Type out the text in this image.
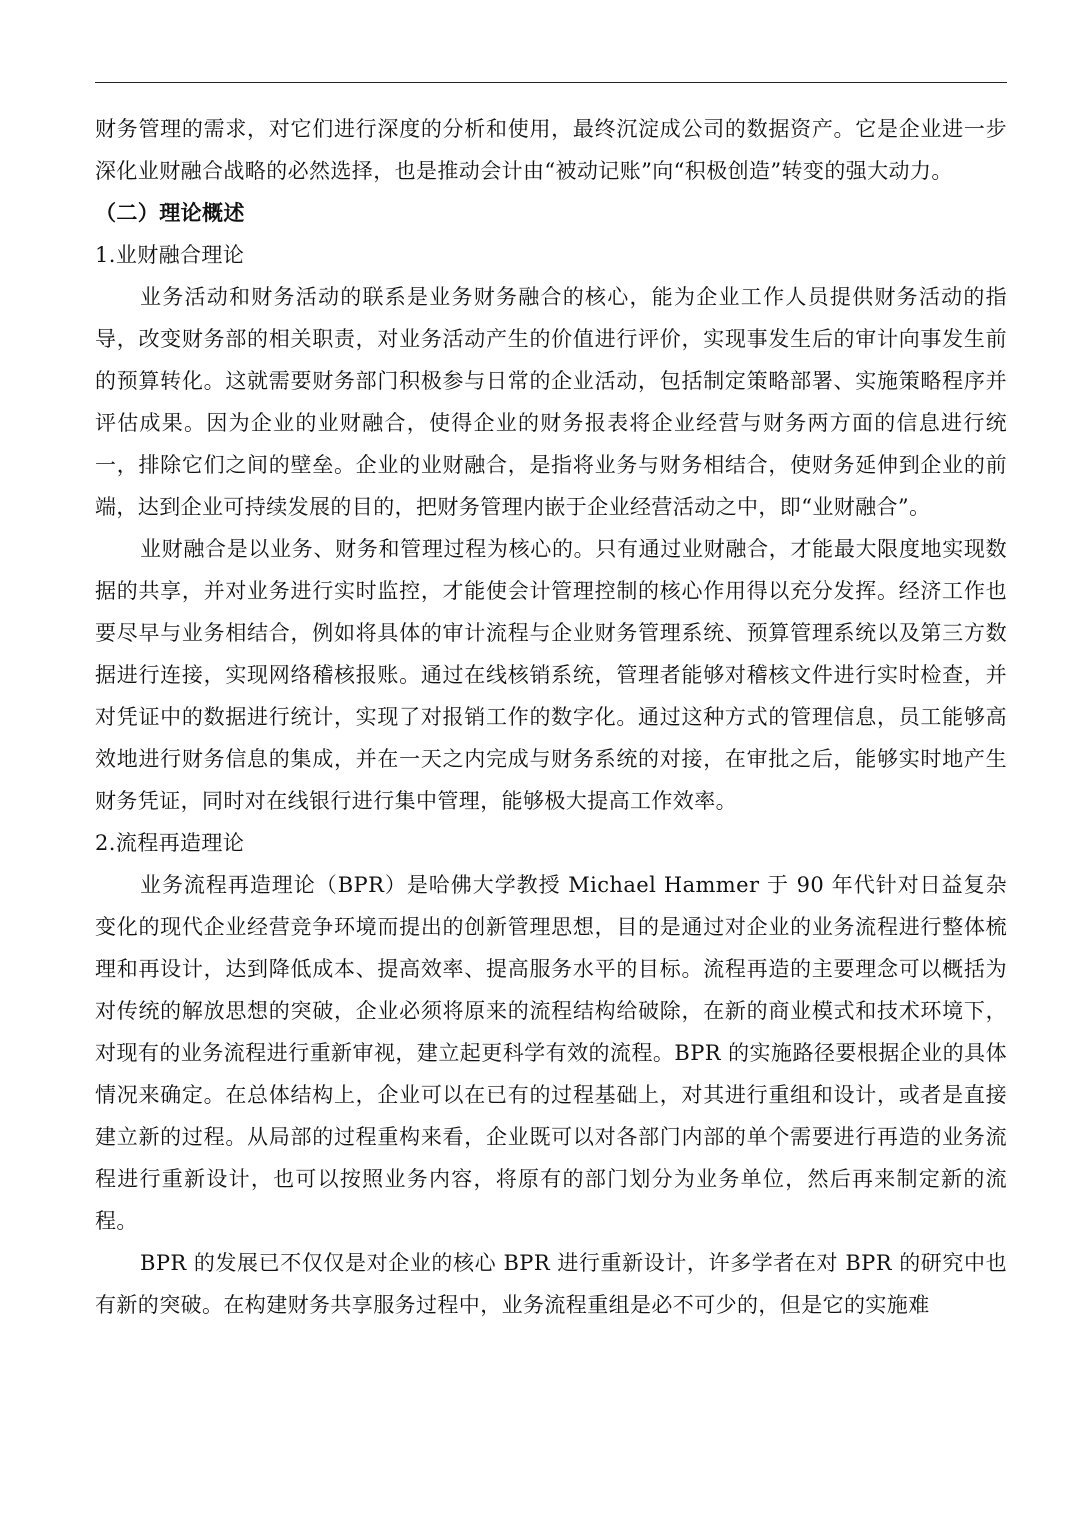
财务管理的需求，对它们进行深度的分析和使用，最终沉淀成公司的数据资产。它是企业进一步深化业财融合战略的必然选择，也是推动会计由“被动记账”向“积极创造”转变的强大动力。

（二）理论概述

1.业财融合理论

业务活动和财务活动的联系是业务财务融合的核心，能为企业工作人员提供财务活动的指导，改变财务部的相关职责，对业务活动产生的价值进行评价，实现事发生后的审计向事发生前的预算转化。这就需要财务部门积极参与日常的企业活动，包括制定策略部署、实施策略程序并评估成果。因为企业的业财融合，使得企业的财务报表将企业经营与财务两方面的信息进行统一，排除它们之间的壁垒。企业的业财融合，是指将业务与财务相结合，使财务延伸到企业的前端，达到企业可持续发展的目的，把财务管理内嵌于企业经营活动之中，即“业财融合”。

业财融合是以业务、财务和管理过程为核心的。只有通过业财融合，才能最大限度地实现数据的共享，并对业务进行实时监控，才能使会计管理控制的核心作用得以充分发挥。经济工作也要尽早与业务相结合，例如将具体的审计流程与企业财务管理系统、预算管理系统以及第三方数据进行连接，实现网络稽核报账。通过在线核销系统，管理者能够对稽核文件进行实时检查，并对凭证中的数据进行统计，实现了对报销工作的数字化。通过这种方式的管理信息，员工能够高效地进行财务信息的集成，并在一天之内完成与财务系统的对接，在审批之后，能够实时地产生财务凭证，同时对在线银行进行集中管理，能够极大提高工作效率。

2.流程再造理论

业务流程再造理论（BPR）是哈佛大学教授 Michael Hammer 于 90 年代针对日益复杂变化的现代企业经营竞争环境而提出的创新管理思想，目的是通过对企业的业务流程进行整体梳理和再设计，达到降低成本、提高效率、提高服务水平的目标。流程再造的主要理念可以概括为对传统的解放思想的突破，企业必须将原来的流程结构给破除，在新的商业模式和技术环境下，对现有的业务流程进行重新审视，建立起更科学有效的流程。BPR 的实施路径要根据企业的具体情况来确定。在总体结构上，企业可以在已有的过程基础上，对其进行重组和设计，或者是直接建立新的过程。从局部的过程重构来看，企业既可以对各部门内部的单个需要进行再造的业务流程进行重新设计，也可以按照业务内容，将原有的部门划分为业务单位，然后再来制定新的流程。

BPR 的发展已不仅仅是对企业的核心 BPR 进行重新设计，许多学者在对 BPR 的研究中也有新的突破。在构建财务共享服务过程中，业务流程重组是必不可少的，但是它的实施难
